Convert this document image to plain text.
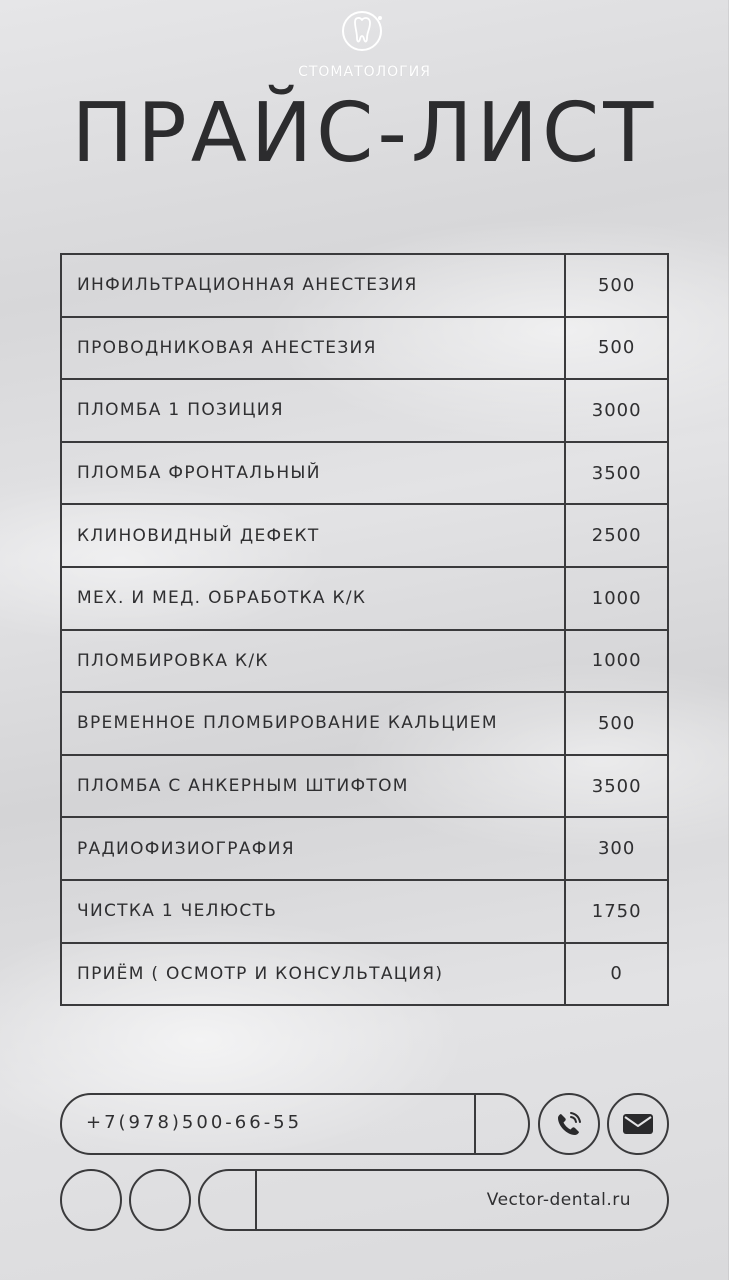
СТОМАТОЛОГИЯ
ПРАЙС-ЛИСТ
ИНФИЛЬТРАЦИОННАЯ АНЕСТЕЗИЯ	500
ПРОВОДНИКОВАЯ АНЕСТЕЗИЯ	500
ПЛОМБА 1 ПОЗИЦИЯ	3000
ПЛОМБА ФРОНТАЛЬНЫЙ	3500
КЛИНОВИДНЫЙ ДЕФЕКТ	2500
МЕХ. И МЕД. ОБРАБОТКА К/К	1000
ПЛОМБИРОВКА К/К	1000
ВРЕМЕННОЕ ПЛОМБИРОВАНИЕ КАЛЬЦИЕМ	500
ПЛОМБА С АНКЕРНЫМ ШТИФТОМ	3500
РАДИОФИЗИОГРАФИЯ	300
ЧИСТКА 1 ЧЕЛЮСТЬ	1750
ПРИЁМ ( ОСМОТР И КОНСУЛЬТАЦИЯ)	0
+7(978)500-66-55
Vector-dental.ru
